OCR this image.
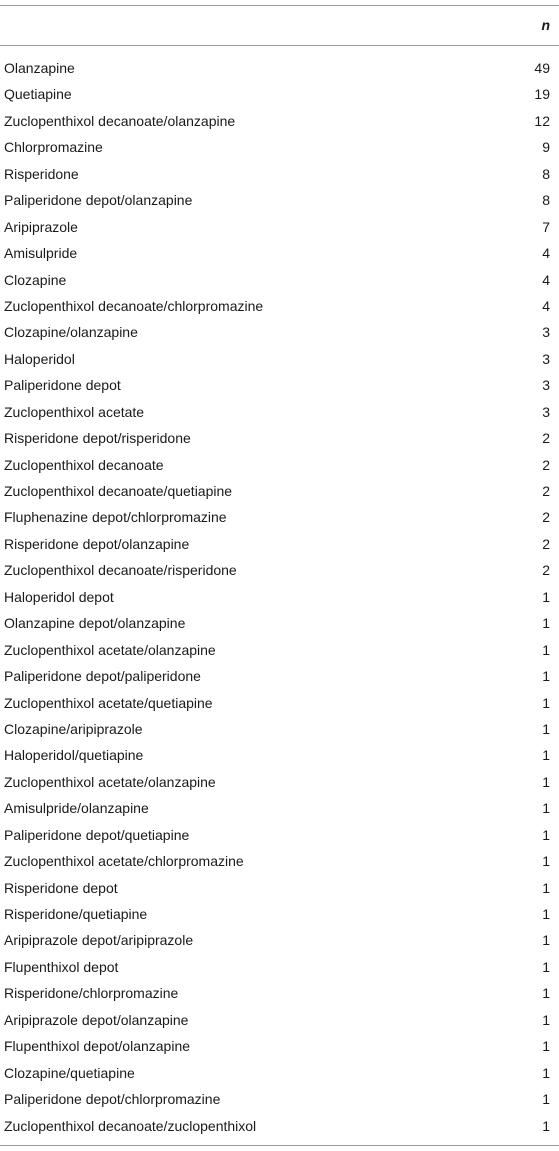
n
Olanzapine	49
Quetiapine	19
Zuclopenthixol decanoate/olanzapine	12
Chlorpromazine	9
Risperidone	8
Paliperidone depot/olanzapine	8
Aripiprazole	7
Amisulpride	4
Clozapine	4
Zuclopenthixol decanoate/chlorpromazine	4
Clozapine/olanzapine	3
Haloperidol	3
Paliperidone depot	3
Zuclopenthixol acetate	3
Risperidone depot/risperidone	2
Zuclopenthixol decanoate	2
Zuclopenthixol decanoate/quetiapine	2
Fluphenazine depot/chlorpromazine	2
Risperidone depot/olanzapine	2
Zuclopenthixol decanoate/risperidone	2
Haloperidol depot	1
Olanzapine depot/olanzapine	1
Zuclopenthixol acetate/olanzapine	1
Paliperidone depot/paliperidone	1
Zuclopenthixol acetate/quetiapine	1
Clozapine/aripiprazole	1
Haloperidol/quetiapine	1
Zuclopenthixol acetate/olanzapine	1
Amisulpride/olanzapine	1
Paliperidone depot/quetiapine	1
Zuclopenthixol acetate/chlorpromazine	1
Risperidone depot	1
Risperidone/quetiapine	1
Aripiprazole depot/aripiprazole	1
Flupenthixol depot	1
Risperidone/chlorpromazine	1
Aripiprazole depot/olanzapine	1
Flupenthixol depot/olanzapine	1
Clozapine/quetiapine	1
Paliperidone depot/chlorpromazine	1
Zuclopenthixol decanoate/zuclopenthixol	1
